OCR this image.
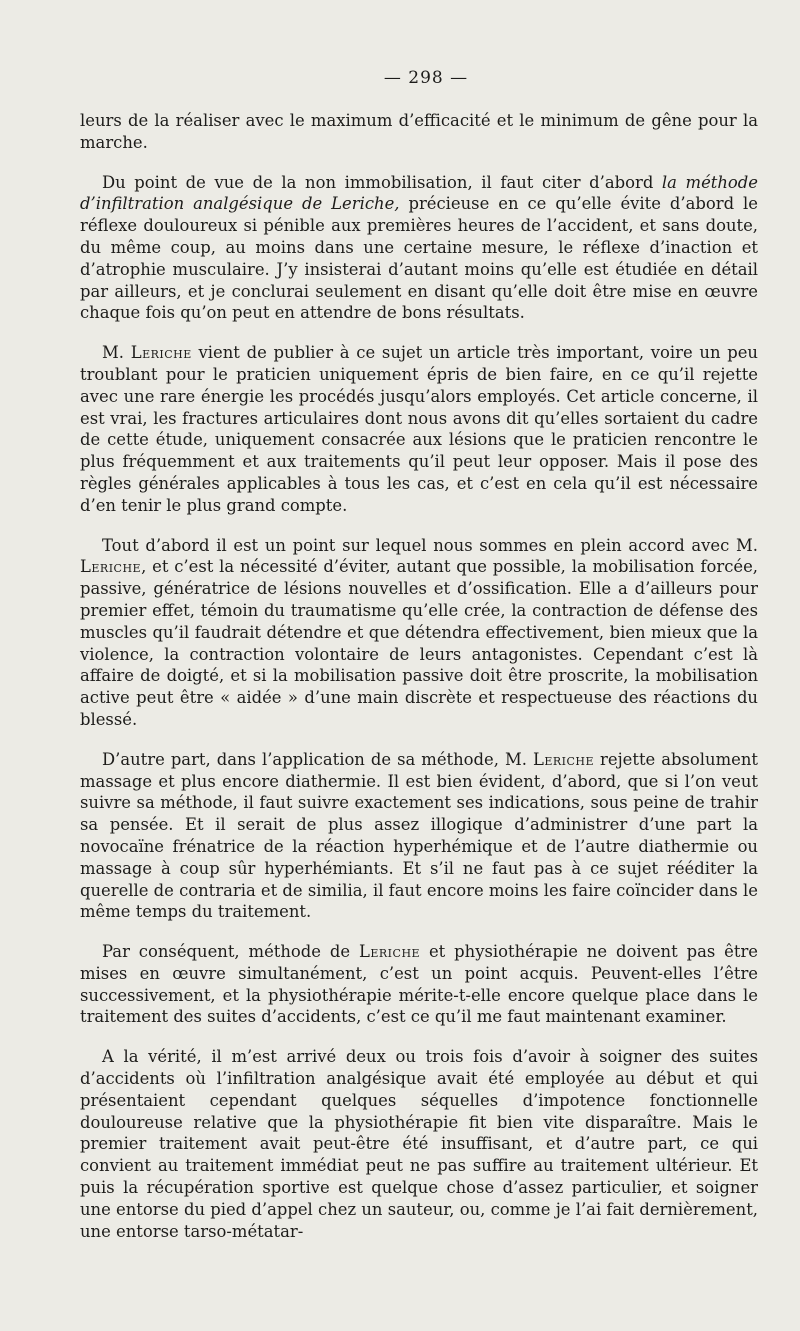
— 298 —

leurs de la réaliser avec le maximum d’efficacité et le minimum de gêne pour la marche.

Du point de vue de la non immobilisation, il faut citer d’abord la méthode d’infiltration analgésique de Leriche, précieuse en ce qu’elle évite d’abord le réflexe douloureux si pénible aux premières heures de l’accident, et sans doute, du même coup, au moins dans une certaine mesure, le réflexe d’inaction et d’atrophie musculaire. J’y insisterai d’autant moins qu’elle est étudiée en détail par ailleurs, et je conclurai seulement en disant qu’elle doit être mise en œuvre chaque fois qu’on peut en attendre de bons résultats.

M. Leriche vient de publier à ce sujet un article très important, voire un peu troublant pour le praticien uniquement épris de bien faire, en ce qu’il rejette avec une rare énergie les procédés jusqu’alors employés. Cet article concerne, il est vrai, les fractures articulaires dont nous avons dit qu’elles sortaient du cadre de cette étude, uniquement consacrée aux lésions que le praticien rencontre le plus fréquemment et aux traitements qu’il peut leur opposer. Mais il pose des règles générales applicables à tous les cas, et c’est en cela qu’il est nécessaire d’en tenir le plus grand compte.

Tout d’abord il est un point sur lequel nous sommes en plein accord avec M. Leriche, et c’est la nécessité d’éviter, autant que possible, la mobilisation forcée, passive, génératrice de lésions nouvelles et d’ossification. Elle a d’ailleurs pour premier effet, témoin du traumatisme qu’elle crée, la contraction de défense des muscles qu’il faudrait détendre et que détendra effectivement, bien mieux que la violence, la contraction volontaire de leurs antagonistes. Cependant c’est là affaire de doigté, et si la mobilisation passive doit être proscrite, la mobilisation active peut être « aidée » d’une main discrète et respectueuse des réactions du blessé.

D’autre part, dans l’application de sa méthode, M. Leriche rejette absolument massage et plus encore diathermie. Il est bien évident, d’abord, que si l’on veut suivre sa méthode, il faut suivre exactement ses indications, sous peine de trahir sa pensée. Et il serait de plus assez illogique d’administrer d’une part la novocaïne frénatrice de la réaction hyperhémique et de l’autre diathermie ou massage à coup sûr hyperhémiants. Et s’il ne faut pas à ce sujet rééditer la querelle de contraria et de similia, il faut encore moins les faire coïncider dans le même temps du traitement.

Par conséquent, méthode de Leriche et physiothérapie ne doivent pas être mises en œuvre simultanément, c’est un point acquis. Peuvent-elles l’être successivement, et la physiothérapie mérite-t-elle encore quelque place dans le traitement des suites d’accidents, c’est ce qu’il me faut maintenant examiner.

A la vérité, il m’est arrivé deux ou trois fois d’avoir à soigner des suites d’accidents où l’infiltration analgésique avait été employée au début et qui présentaient cependant quelques séquelles d’impotence fonctionnelle douloureuse relative que la physiothérapie fit bien vite disparaître. Mais le premier traitement avait peut-être été insuffisant, et d’autre part, ce qui convient au traitement immédiat peut ne pas suffire au traitement ultérieur. Et puis la récupération sportive est quelque chose d’assez particulier, et soigner une entorse du pied d’appel chez un sauteur, ou, comme je l’ai fait dernièrement, une entorse tarso-métatar-
